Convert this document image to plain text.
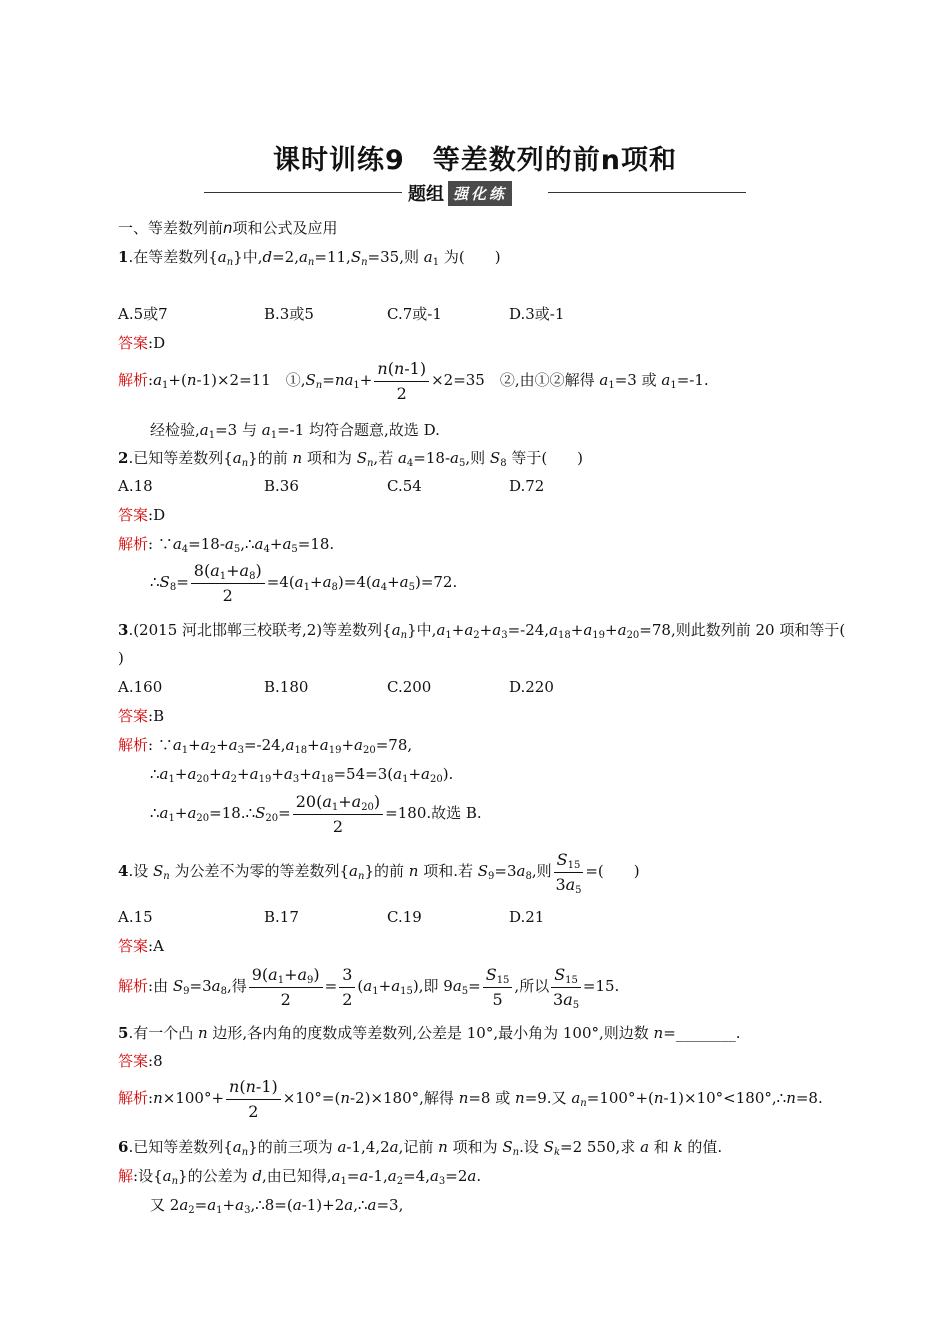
课时训练9　等差数列的前n项和
题组 强化练
一、等差数列前n项和公式及应用
1.在等差数列$\{a_n\}$中$,d=2,a_n=11,S_n=35$,则 $a_1$ 为(　　)
A.5或7	B.3或5	C.7或-1	D.3或-1
答案:D
解析$:a_1+(n-1)\times 2=11$　$①,S_n=na_1+ \frac{n(n-1)}{2} \times 2=35$　②,由①②解得 $a_1=3$ 或 $a_1=-1$.
经检验$,a_1=3$ 与 $a_1=-1$ 均符合题意,故选 D.
2.已知等差数列$\{a_n\}$的前 n 项和为 $S_n$,若 $a_4=18-a_5$,则 $S_8$ 等于(　　)
A.18	B.36	C.54	D.72
答案:D
解析: $\because a_4=18-a_5,\therefore a_4+a_5=18$.
$\therefore S_8= \frac{8(a_1+a_8)}{2} =4(a_1+a_8)=4(a_4+a_5)=72$.
3.(2015 河北邯郸三校联考,2)等差数列$\{a_n\}$中$,a_1+a_2+a_3=-24,a_{18}+a_{19}+a_{20}=78$,则此数列前 20 项和等于(
)
A.160	B.180	C.200	D.220
答案:B
解析: $\because a_1+a_2+a_3=-24,a_{18}+a_{19}+a_{20}=78$,
$\therefore a_1+a_{20}+a_2+a_{19}+a_3+a_{18}=54=3(a_1+a_{20})$.
$\therefore a_1+a_{20}=18.\therefore S_{20}= \frac{20(a_1+a_{20})}{2} =180$.故选 B.
4.设 $S_n$ 为公差不为零的等差数列$\{a_n\}$的前 n 项和.若 $S_9=3a_8$,则 $\frac{S_{15}}{3a_5}$ =(　　)
A.15	B.17	C.19	D.21
答案:A
解析:由 $S_9=3a_8$,得 $\frac{9(a_1+a_9)}{2} = \frac{3}{2} (a_1+a_{15})$,即 $9a_5= \frac{S_{15}}{5}$ ,所以 $\frac{S_{15}}{3a_5} =15$.
5.有一个凸 n 边形,各内角的度数成等差数列,公差是 10°,最小角为 100°,则边数 n=________.
答案:8
解析:n×100°+ $\frac{n(n-1)}{2} \times 10^\circ=(n-2)\times 180^\circ$,解得 n=8 或 n=9.又 $a_n=100^\circ+(n-1)\times 10^\circ<180^\circ,\therefore n=8$.
6.已知等差数列$\{a_n\}$的前三项为 a-1,4,2a,记前 n 项和为 $S_n$.设 $S_k=2$ 550,求 a 和 k 的值.
解:设$\{a_n\}$的公差为 d,由已知得$,a_1=a-1,a_2=4,a_3=2a$.
又 $2a_2=a_1+a_3,\therefore 8=(a-1)+2a,\therefore a=3$,
